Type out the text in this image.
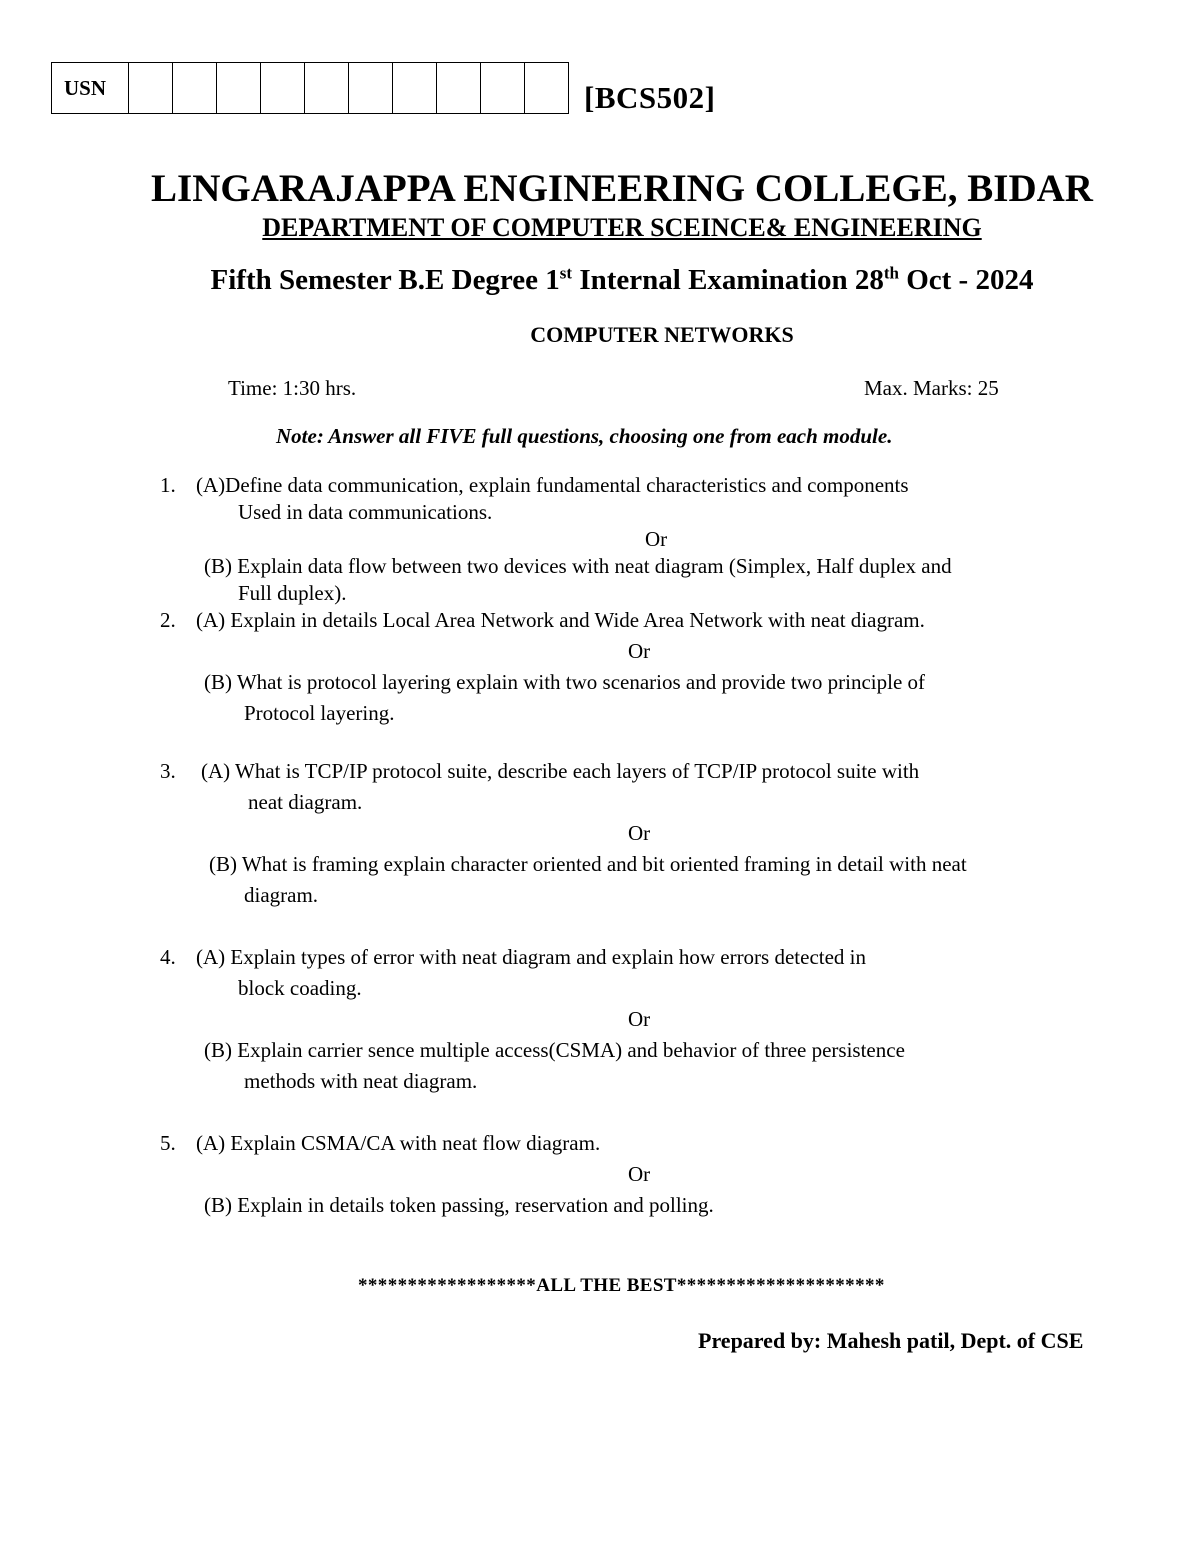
USN											[BCS502]
LINGARAJAPPA ENGINEERING COLLEGE, BIDAR
DEPARTMENT OF COMPUTER SCEINCE& ENGINEERING
Fifth Semester B.E Degree 1st Internal Examination 28th Oct - 2024
COMPUTER NETWORKS
Time: 1:30 hrs.	Max. Marks: 25
Note: Answer all FIVE full questions, choosing one from each module.
1. (A)Define data communication, explain fundamental characteristics and components
Used in data communications.
Or
(B) Explain data flow between two devices with neat diagram (Simplex, Half duplex and
Full duplex).
2. (A) Explain in details Local Area Network and Wide Area Network with neat diagram.
Or
(B) What is protocol layering explain with two scenarios and provide two principle of
Protocol layering.
3. (A) What is TCP/IP protocol suite, describe each layers of TCP/IP protocol suite with
neat diagram.
Or
(B) What is framing explain character oriented and bit oriented framing in detail with neat
diagram.
4. (A) Explain types of error with neat diagram and explain how errors detected in
block coading.
Or
(B) Explain carrier sence multiple access(CSMA) and behavior of three persistence
methods with neat diagram.
5. (A) Explain CSMA/CA with neat flow diagram.
Or
(B) Explain in details token passing, reservation and polling.
******************ALL THE BEST*********************
Prepared by: Mahesh patil, Dept. of CSE
